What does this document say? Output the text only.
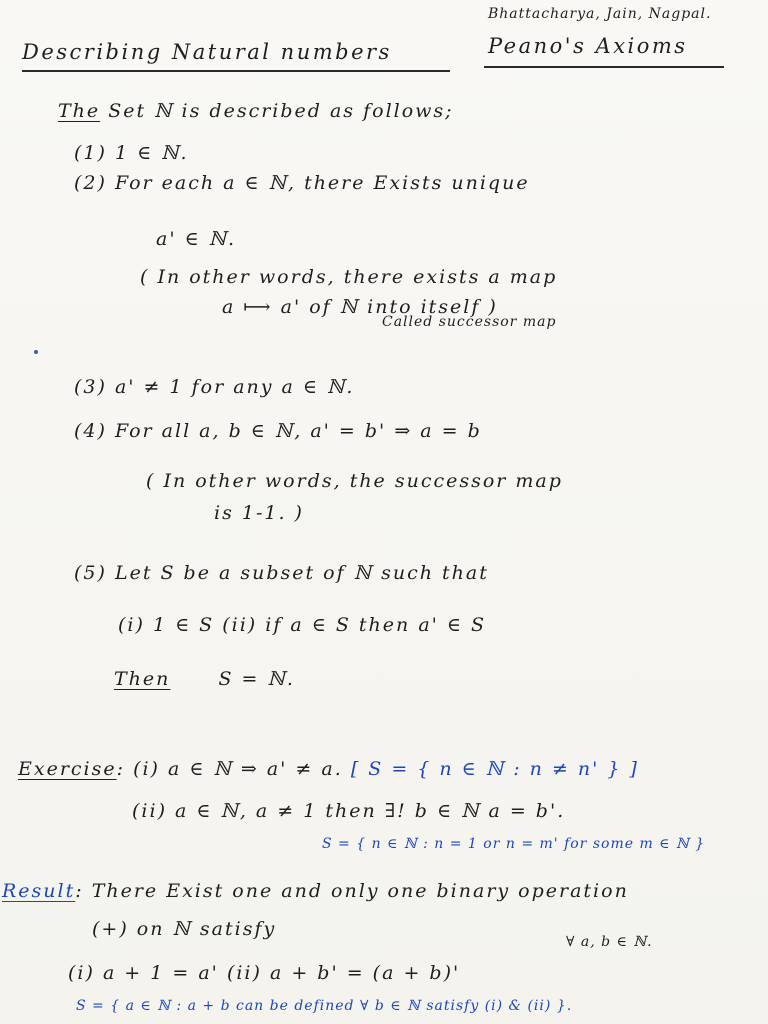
Bhattacharya, Jain, Nagpal.
Describing Natural numbers	Peano's Axioms
The Set ℕ is described as follows;
(1) 1 ∈ ℕ.
(2) For each a ∈ ℕ, there Exists unique
a' ∈ ℕ.
( In other words, there exists a map
a ⟼ a' of ℕ into itself )
Called successor map
(3) a' ≠ 1 for any a ∈ ℕ.
(4) For all a, b ∈ ℕ, a' = b' ⇒ a = b
( In other words, the successor map
is 1-1. )
(5) Let S be a subset of ℕ such that
(i) 1 ∈ S (ii) if a ∈ S then a' ∈ S
Then	S = ℕ.
Exercise: (i) a ∈ ℕ ⇒ a' ≠ a. [ S = { n ∈ ℕ : n ≠ n' } ]
(ii) a ∈ ℕ, a ≠ 1 then ∃! b ∈ ℕ a = b'.
S = { n ∈ ℕ : n = 1 or n = m' for some m ∈ ℕ }
Result: There Exist one and only one binary operation
(+) on ℕ satisfy
∀ a, b ∈ ℕ.
(i) a + 1 = a' (ii) a + b' = (a + b)'
S = { a ∈ ℕ : a + b can be defined ∀ b ∈ ℕ satisfy (i) & (ii) }.
